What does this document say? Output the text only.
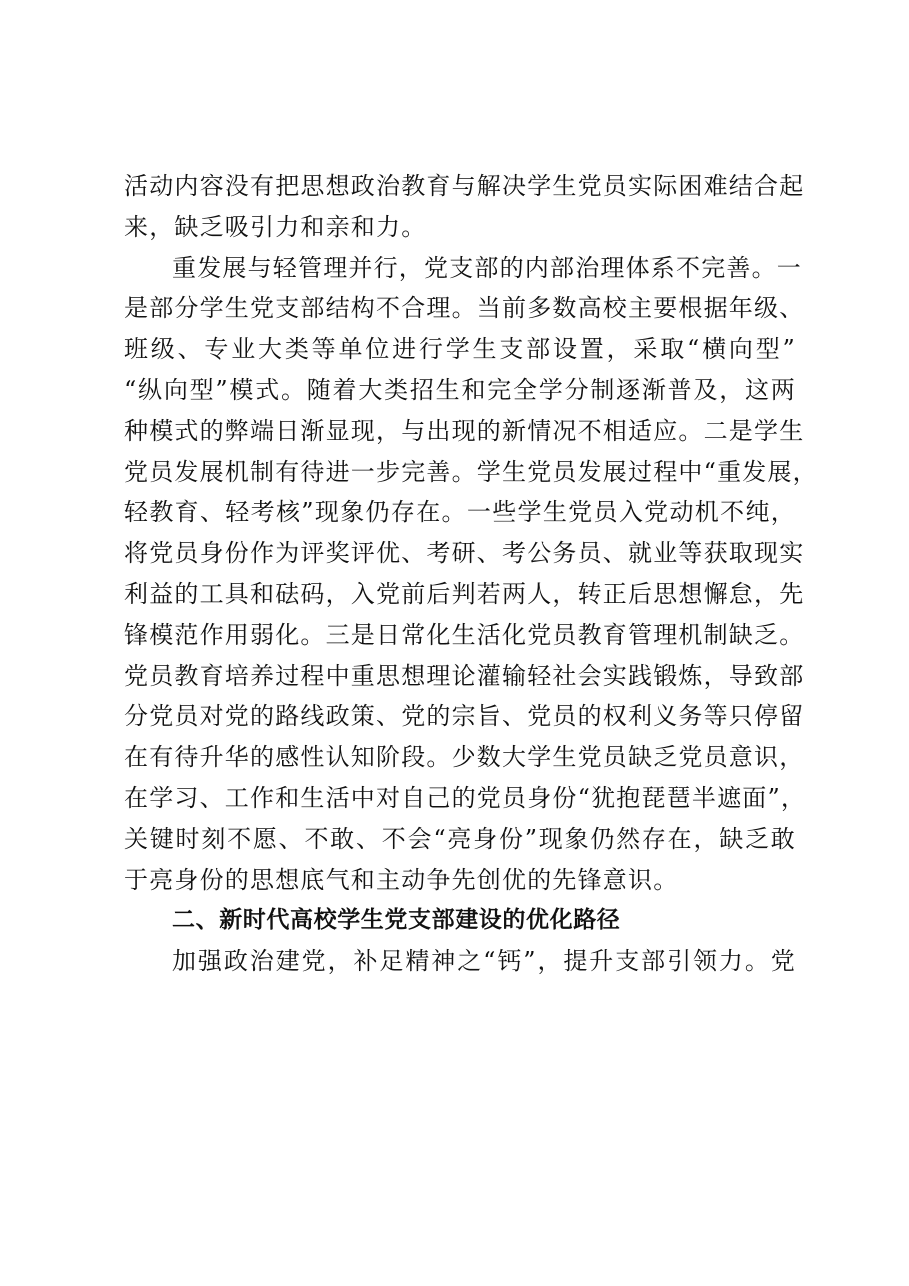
活动内容没有把思想政治教育与解决学生党员实际困难结合起
来，缺乏吸引力和亲和力。
重发展与轻管理并行，党支部的内部治理体系不完善。一
是部分学生党支部结构不合理。当前多数高校主要根据年级、
班级、专业大类等单位进行学生支部设置，采取“横向型”
“纵向型”模式。随着大类招生和完全学分制逐渐普及，这两
种模式的弊端日渐显现，与出现的新情况不相适应。二是学生
党员发展机制有待进一步完善。学生党员发展过程中“重发展，
轻教育、轻考核”现象仍存在。一些学生党员入党动机不纯，
将党员身份作为评奖评优、考研、考公务员、就业等获取现实
利益的工具和砝码，入党前后判若两人，转正后思想懈怠，先
锋模范作用弱化。三是日常化生活化党员教育管理机制缺乏。
党员教育培养过程中重思想理论灌输轻社会实践锻炼，导致部
分党员对党的路线政策、党的宗旨、党员的权利义务等只停留
在有待升华的感性认知阶段。少数大学生党员缺乏党员意识，
在学习、工作和生活中对自己的党员身份“犹抱琵琶半遮面”，
关键时刻不愿、不敢、不会“亮身份”现象仍然存在，缺乏敢
于亮身份的思想底气和主动争先创优的先锋意识。
二、新时代高校学生党支部建设的优化路径
加强政治建党，补足精神之“钙”，提升支部引领力。党
